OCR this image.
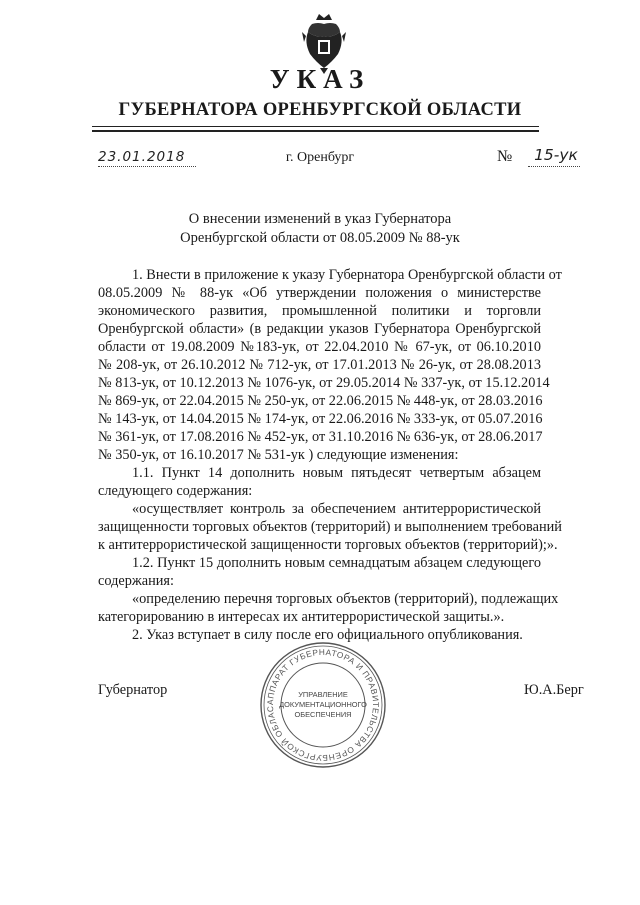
УКАЗ
ГУБЕРНАТОРА ОРЕНБУРГСКОЙ ОБЛАСТИ
23.01.2018	г. Оренбург	№ 15-ук
О внесении изменений в указ Губернатора
Оренбургской области от 08.05.2009 № 88-ук
1. Внести в приложение к указу Губернатора Оренбургской области от
08.05.2009 № 88-ук «Об утверждении положения о министерстве
экономического развития, промышленной политики и торговли
Оренбургской области» (в редакции указов Губернатора Оренбургской
области от 19.08.2009 №183-ук, от 22.04.2010 № 67-ук, от 06.10.2010
№ 208-ук, от 26.10.2012 № 712-ук, от 17.01.2013 № 26-ук, от 28.08.2013
№ 813-ук, от 10.12.2013 № 1076-ук, от 29.05.2014 № 337-ук, от 15.12.2014
№ 869-ук, от 22.04.2015 № 250-ук, от 22.06.2015 № 448-ук, от 28.03.2016
№ 143-ук, от 14.04.2015 № 174-ук, от 22.06.2016 № 333-ук, от 05.07.2016
№ 361-ук, от 17.08.2016 № 452-ук, от 31.10.2016 № 636-ук, от 28.06.2017
№ 350-ук, от 16.10.2017 № 531-ук ) следующие изменения:
1.1. Пункт 14 дополнить новым пятьдесят четвертым абзацем
следующего содержания:
«осуществляет контроль за обеспечением антитеррористической
защищенности торговых объектов (территорий) и выполнением требований
к антитеррористической защищенности торговых объектов (территорий);».
1.2. Пункт 15 дополнить новым семнадцатым абзацем следующего
содержания:
«определению перечня торговых объектов (территорий), подлежащих
категорированию в интересах их антитеррористической защиты.».
2. Указ вступает в силу после его официального опубликования.
Губернатор	Ю.А.Берг
АППАРАТ ГУБЕРНАТОРА И ПРАВИТЕЛЬСТВА ОРЕНБУРГСКОЙ ОБЛАС
УПРАВЛЕНИЕ
ДОКУМЕНТАЦИОННОГО
ОБЕСПЕЧЕНИЯ
